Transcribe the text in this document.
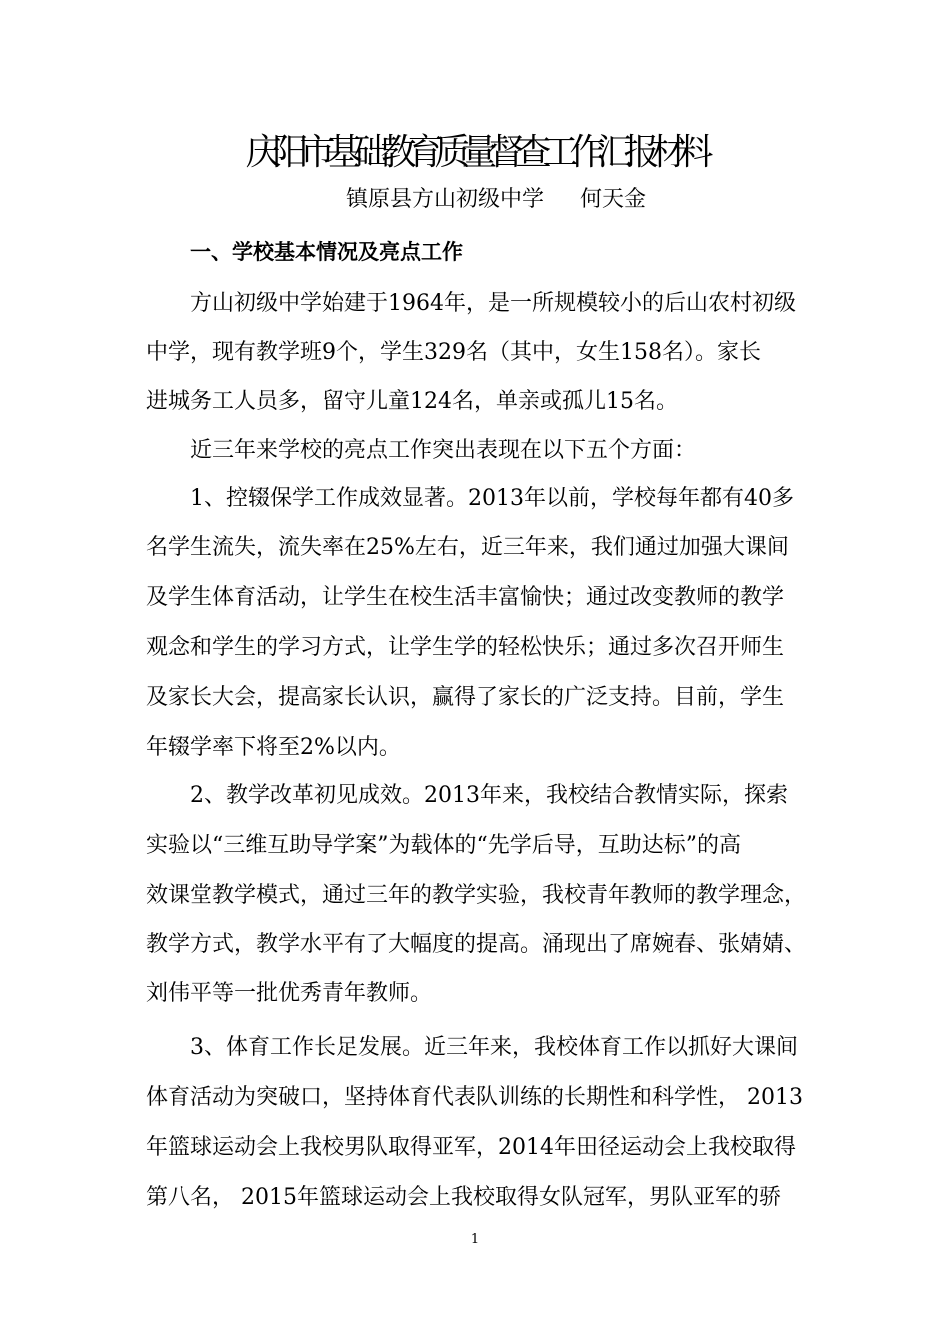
庆阳市基础教育质量督查工作汇报材料
镇原县方山初级中学 何天金
一、学校基本情况及亮点工作
方山初级中学始建于1964年，是一所规模较小的后山农村初级
中学，现有教学班9个，学生329名（其中，女生158名）。家长
进城务工人员多，留守儿童124名，单亲或孤儿15名。
近三年来学校的亮点工作突出表现在以下五个方面：
1、控辍保学工作成效显著。2013年以前，学校每年都有40多
名学生流失，流失率在25%左右，近三年来，我们通过加强大课间
及学生体育活动，让学生在校生活丰富愉快；通过改变教师的教学
观念和学生的学习方式，让学生学的轻松快乐；通过多次召开师生
及家长大会，提高家长认识，赢得了家长的广泛支持。目前，学生
年辍学率下将至2%以内。
2、教学改革初见成效。2013年来，我校结合教情实际，探索
实验以“三维互助导学案”为载体的“先学后导，互助达标”的高
效课堂教学模式，通过三年的教学实验，我校青年教师的教学理念，
教学方式，教学水平有了大幅度的提高。涌现出了席婉春、张婧婧、
刘伟平等一批优秀青年教师。
3、体育工作长足发展。近三年来，我校体育工作以抓好大课间
体育活动为突破口，坚持体育代表队训练的长期性和科学性， 2013
年篮球运动会上我校男队取得亚军，2014年田径运动会上我校取得
第八名， 2015年篮球运动会上我校取得女队冠军，男队亚军的骄
1
